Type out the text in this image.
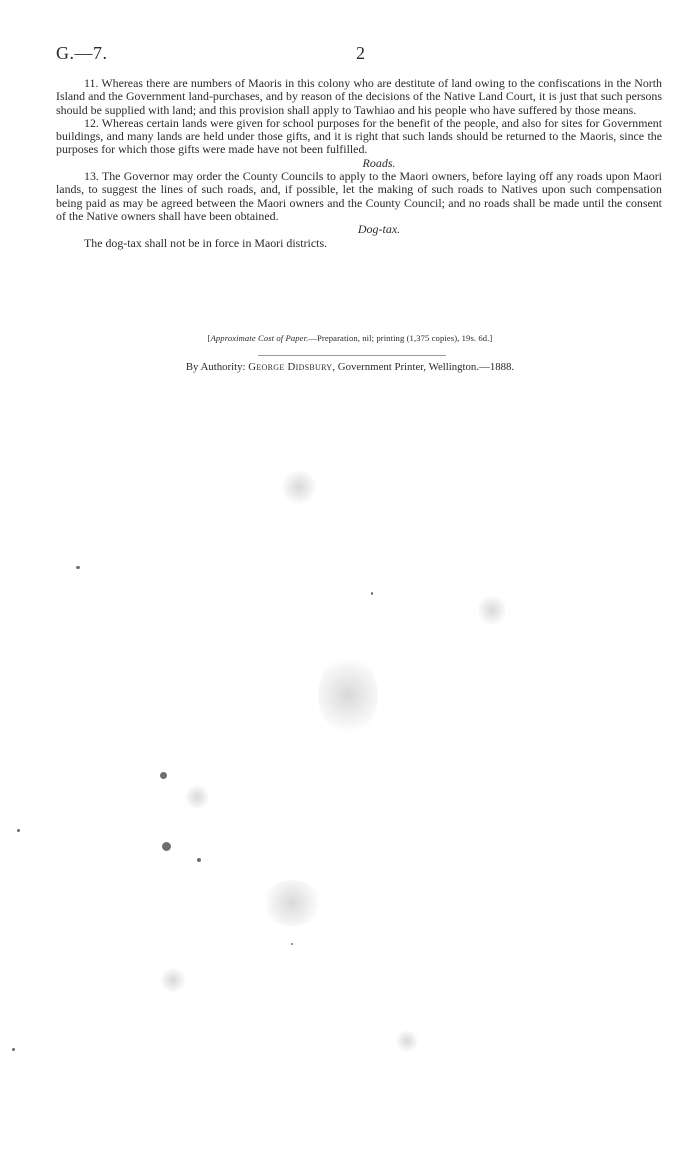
G.—7.	2

11. Whereas there are numbers of Maoris in this colony who are destitute of land owing to the confiscations in the North Island and the Government land-purchases, and by reason of the decisions of the Native Land Court, it is just that such persons should be supplied with land; and this provision shall apply to Tawhiao and his people who have suffered by those means.

12. Whereas certain lands were given for school purposes for the benefit of the people, and also for sites for Government buildings, and many lands are held under those gifts, and it is right that such lands should be returned to the Maoris, since the purposes for which those gifts were made have not been fulfilled.

Roads.

13. The Governor may order the County Councils to apply to the Maori owners, before laying off any roads upon Maori lands, to suggest the lines of such roads, and, if possible, let the making of such roads to Natives upon such compensation being paid as may be agreed between the Maori owners and the County Council; and no roads shall be made until the consent of the Native owners shall have been obtained.

Dog-tax.

The dog-tax shall not be in force in Maori districts.

[Approximate Cost of Paper.—Preparation, nil; printing (1,375 copies), 19s. 6d.]
By Authority: George Didsbury, Government Printer, Wellington.—1888.
